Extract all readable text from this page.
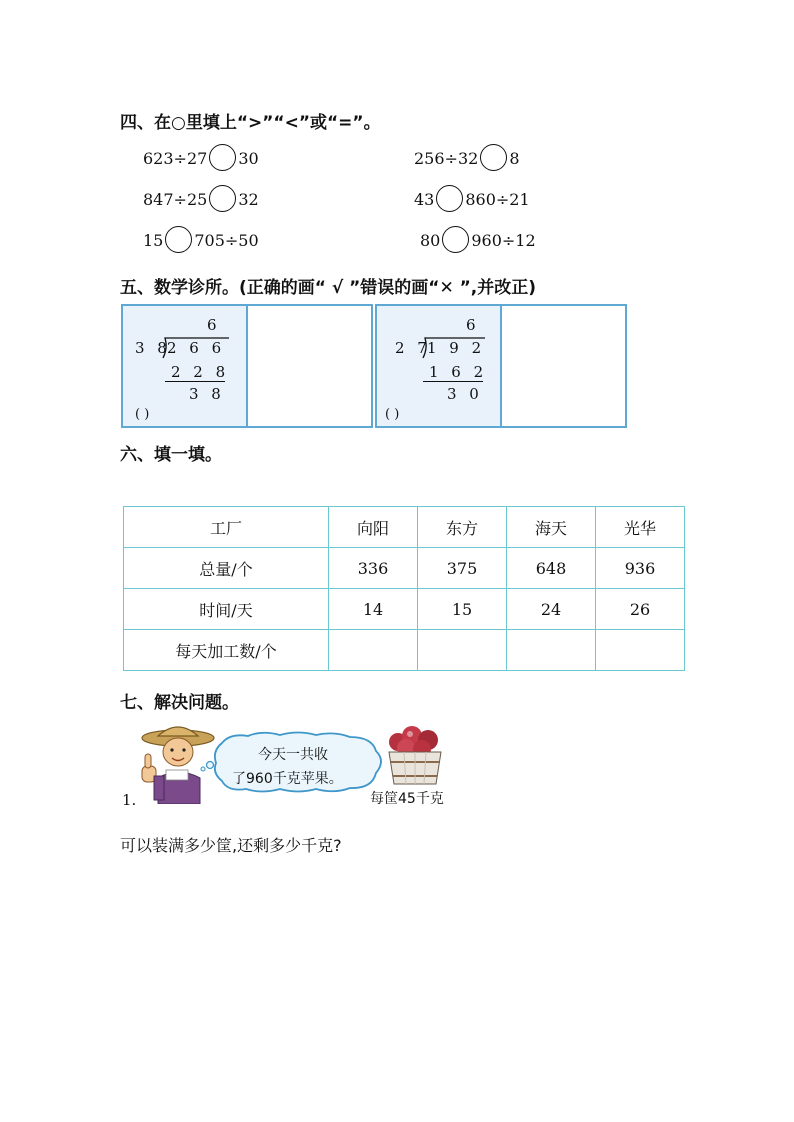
四、在○里填上“>”“<”或“=”。
623÷27 30	256÷32 8
847÷25 32	43 860÷21
15 705÷50	80 960÷12
五、数学诊所。(正确的画“ √ ”错误的画“✕ ”,并改正)
6
3 8
2 6 6
2 2 8
3 8
( )
6
2 7
1 9 2
1 6 2
3 0
( )
六、填一填。
工厂	向阳	东方	海天	光华
总量/个	336	375	648	936
时间/天	14	15	24	26
每天加工数/个				
七、解决问题。
今天一共收
了960千克苹果。
每筐45千克
1.
可以装满多少筐,还剩多少千克?
